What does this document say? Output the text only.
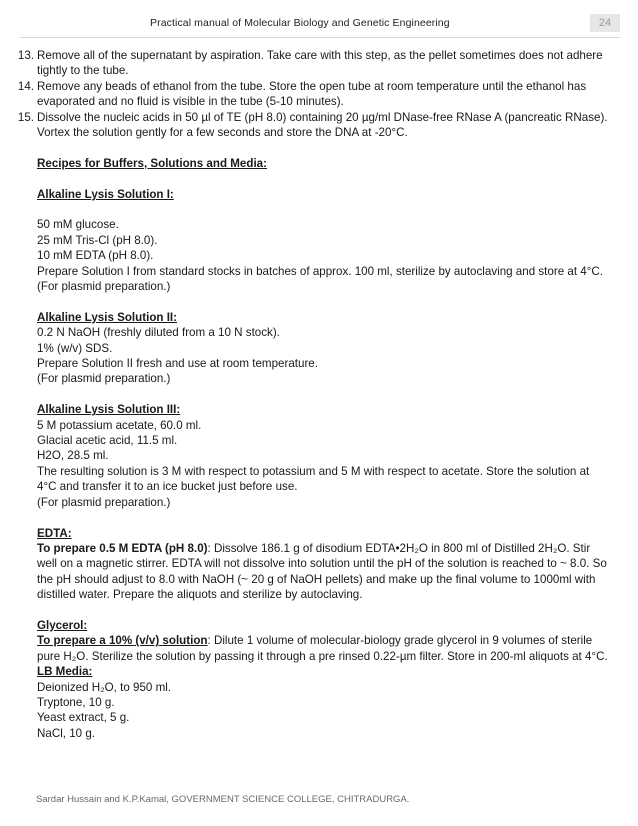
Practical manual of Molecular Biology and Genetic Engineering	24
13. Remove all of the supernatant by aspiration. Take care with this step, as the pellet sometimes does not adhere tightly to the tube.
14. Remove any beads of ethanol from the tube. Store the open tube at room temperature until the ethanol has evaporated and no fluid is visible in the tube (5-10 minutes).
15. Dissolve the nucleic acids in 50 µl of TE (pH 8.0) containing 20 µg/ml DNase-free RNase A (pancreatic RNase). Vortex the solution gently for a few seconds and store the DNA at -20°C.

Recipes for Buffers, Solutions and Media:

Alkaline Lysis Solution I:

50 mM glucose.

25 mM Tris-Cl (pH 8.0).

10 mM EDTA (pH 8.0).

Prepare Solution I from standard stocks in batches of approx. 100 ml, sterilize by autoclaving and store at 4°C.

(For plasmid preparation.)

Alkaline Lysis Solution II:

0.2 N NaOH (freshly diluted from a 10 N stock).

1% (w/v) SDS.

Prepare Solution II fresh and use at room temperature.

(For plasmid preparation.)

Alkaline Lysis Solution III:

5 M potassium acetate, 60.0 ml.

Glacial acetic acid, 11.5 ml.

H2O, 28.5 ml.

The resulting solution is 3 M with respect to potassium and 5 M with respect to acetate. Store the solution at 4°C and transfer it to an ice bucket just before use.

(For plasmid preparation.)

EDTA:

To prepare 0.5 M EDTA (pH 8.0): Dissolve 186.1 g of disodium EDTA•2H₂O in 800 ml of Distilled 2H₂O. Stir well on a magnetic stirrer. EDTA will not dissolve into solution until the pH of the solution is reached to ~ 8.0. So the pH should adjust to 8.0 with NaOH (~ 20 g of NaOH pellets) and make up the final volume to 1000ml with distilled water. Prepare the aliquots and sterilize by autoclaving.

Glycerol:

To prepare a 10% (v/v) solution: Dilute 1 volume of molecular-biology grade glycerol in 9 volumes of sterile pure H₂O. Sterilize the solution by passing it through a pre rinsed 0.22-µm filter. Store in 200-ml aliquots at 4°C.

LB Media:

Deionized H₂O, to 950 ml.

Tryptone, 10 g.

Yeast extract, 5 g.

NaCl, 10 g.

Sardar Hussain and K.P.Kamal, GOVERNMENT SCIENCE COLLEGE, CHITRADURGA.
